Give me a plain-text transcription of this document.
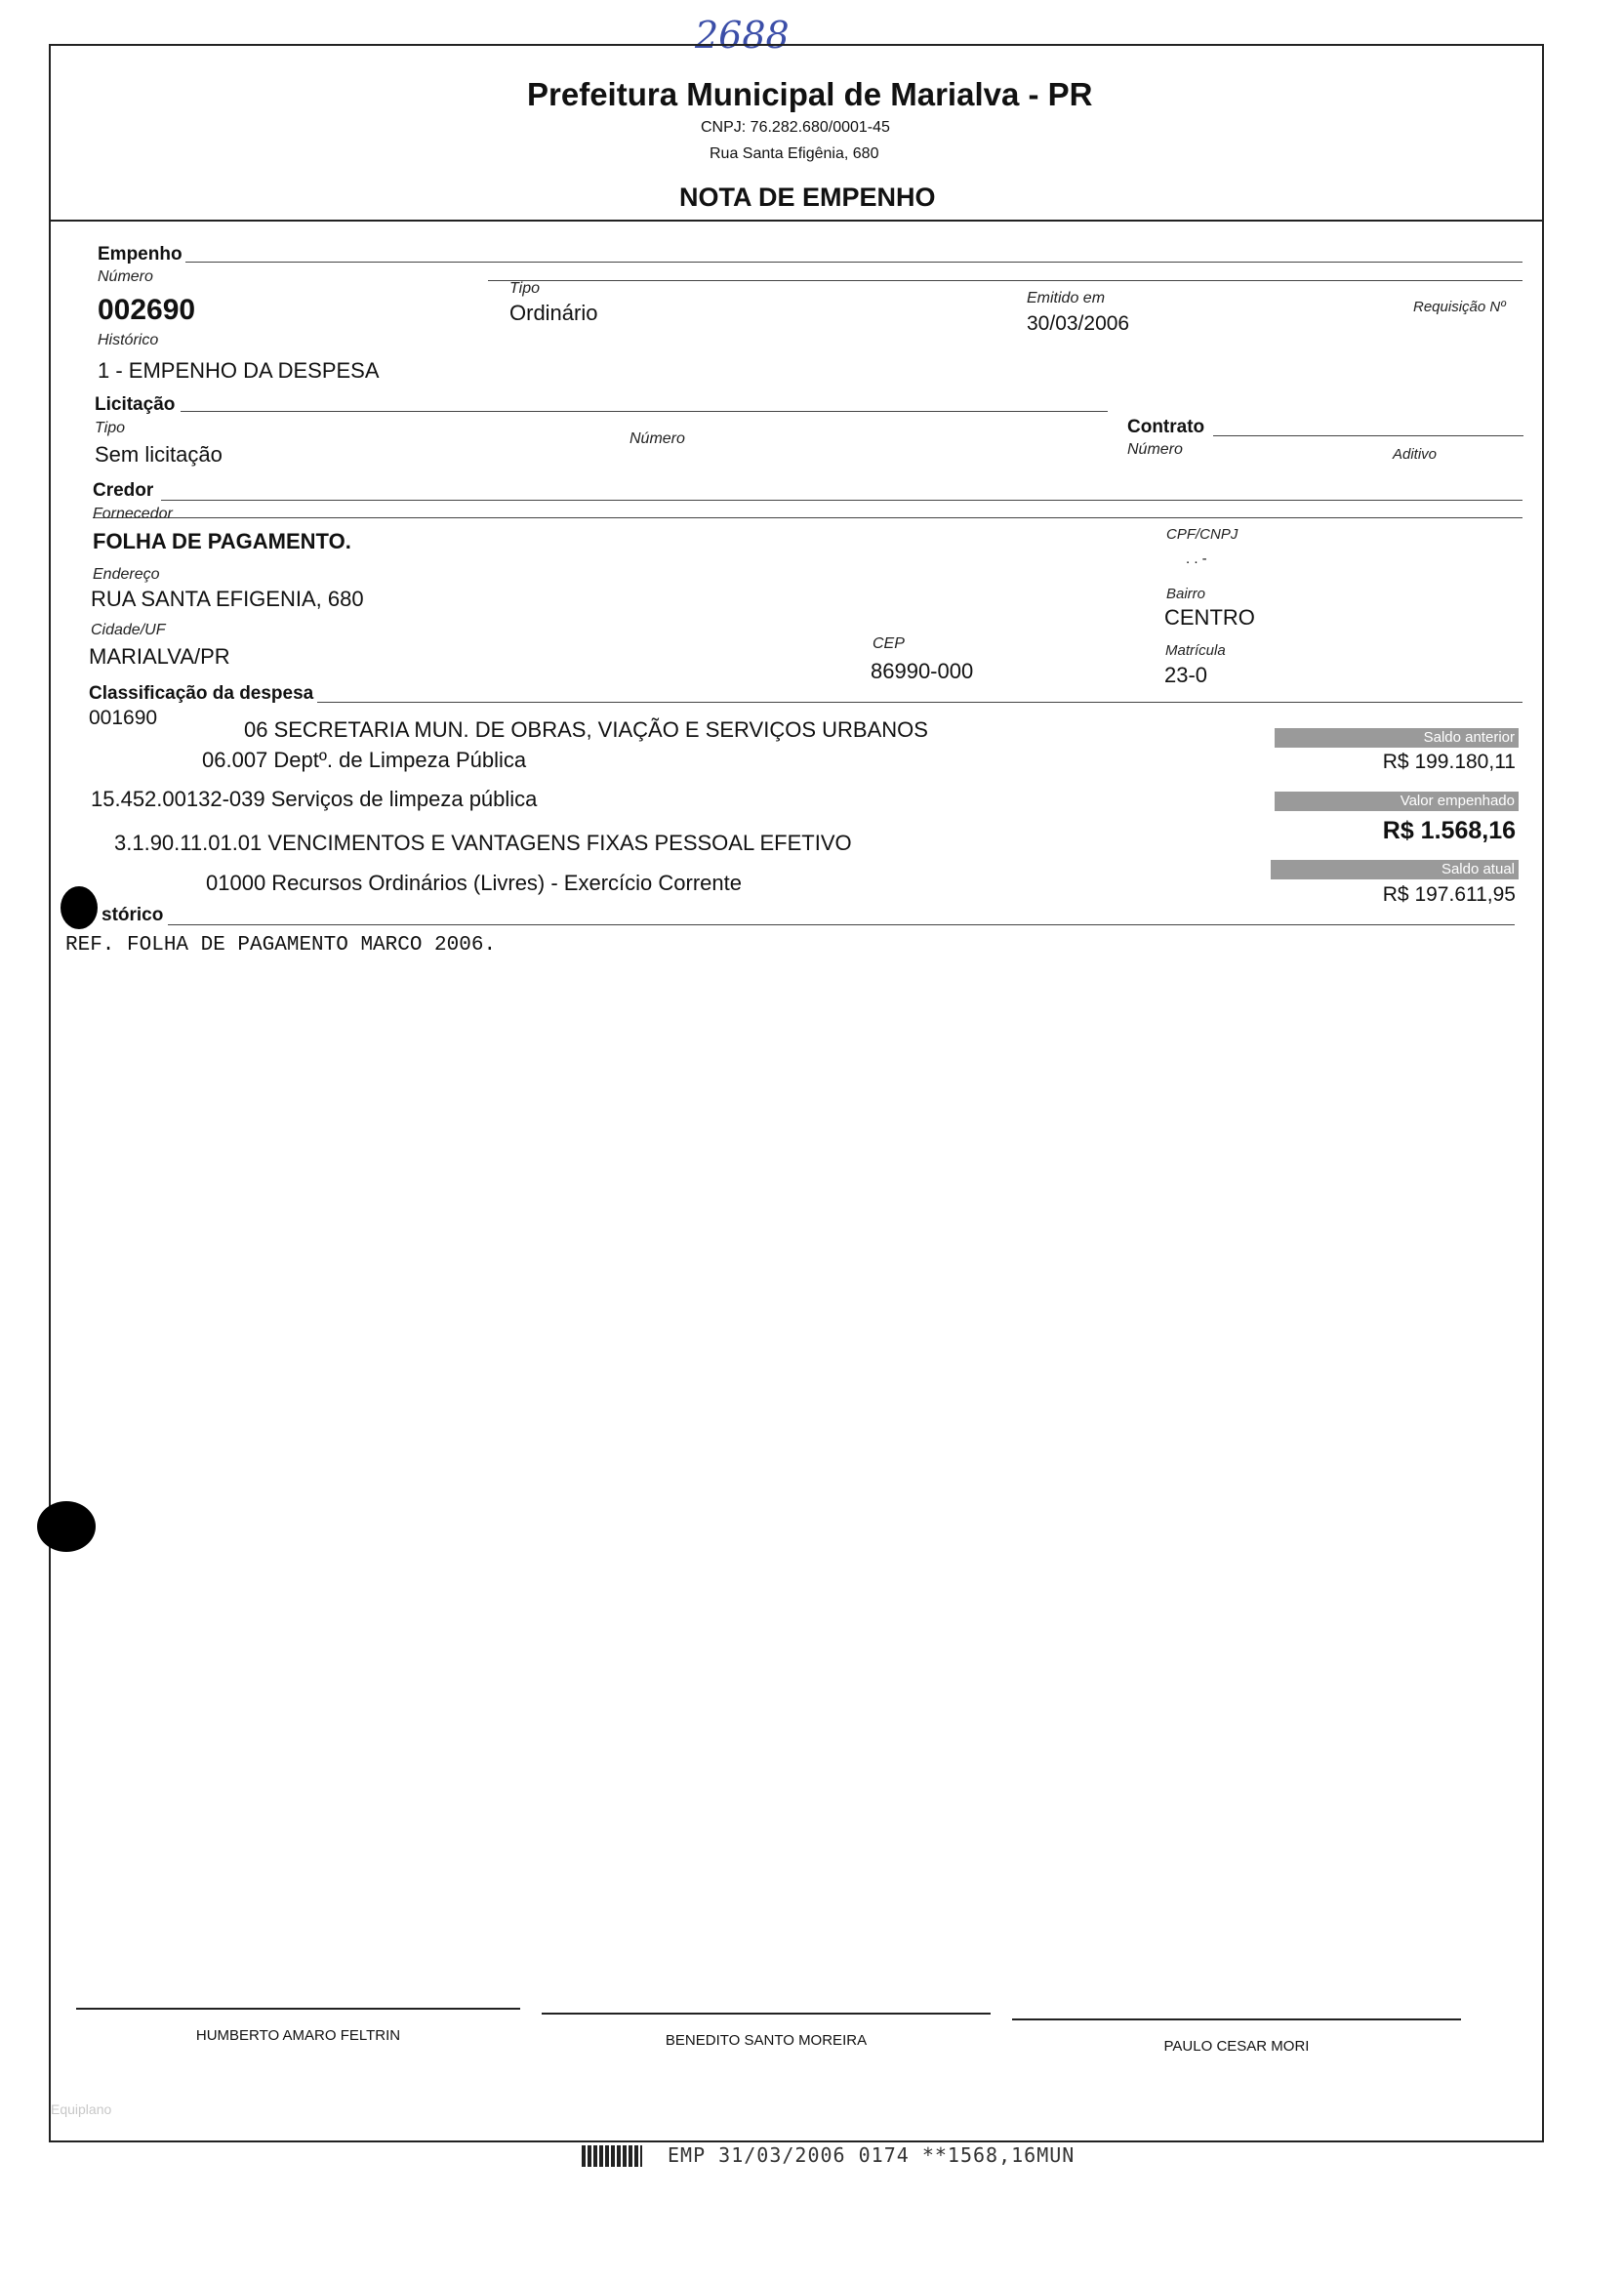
2688
Prefeitura Municipal de Marialva - PR
CNPJ: 76.282.680/0001-45
Rua Santa Efigênia, 680
NOTA DE EMPENHO
Empenho
Número
002690
Tipo
Ordinário
Emitido em
30/03/2006
Requisição Nº
Histórico
1 - EMPENHO DA DESPESA
Licitação
Tipo
Sem licitação
Número
Contrato
Número	Aditivo
Credor
Fornecedor
FOLHA DE PAGAMENTO.	CPF/CNPJ
. . -
Endereço
RUA SANTA EFIGENIA, 680	Bairro
CENTRO
Cidade/UF
MARIALVA/PR
CEP
86990-000
Matrícula
23-0
Classificação da despesa
001690	06 SECRETARIA MUN. DE OBRAS, VIAÇÃO E SERVIÇOS URBANOS
06.007 Deptº. de Limpeza Pública
15.452.00132-039 Serviços de limpeza pública
3.1.90.11.01.01 VENCIMENTOS E VANTAGENS FIXAS PESSOAL EFETIVO
01000 Recursos Ordinários (Livres) - Exercício Corrente
Saldo anterior
R$ 199.180,11
Valor empenhado
R$ 1.568,16
Saldo atual
R$ 197.611,95
stórico
REF. FOLHA DE PAGAMENTO MARCO 2006.
HUMBERTO AMARO FELTRIN	BENEDITO SANTO MOREIRA	PAULO CESAR MORI
Equiplano
EMP 31/03/2006 0174 **1568,16MUN
